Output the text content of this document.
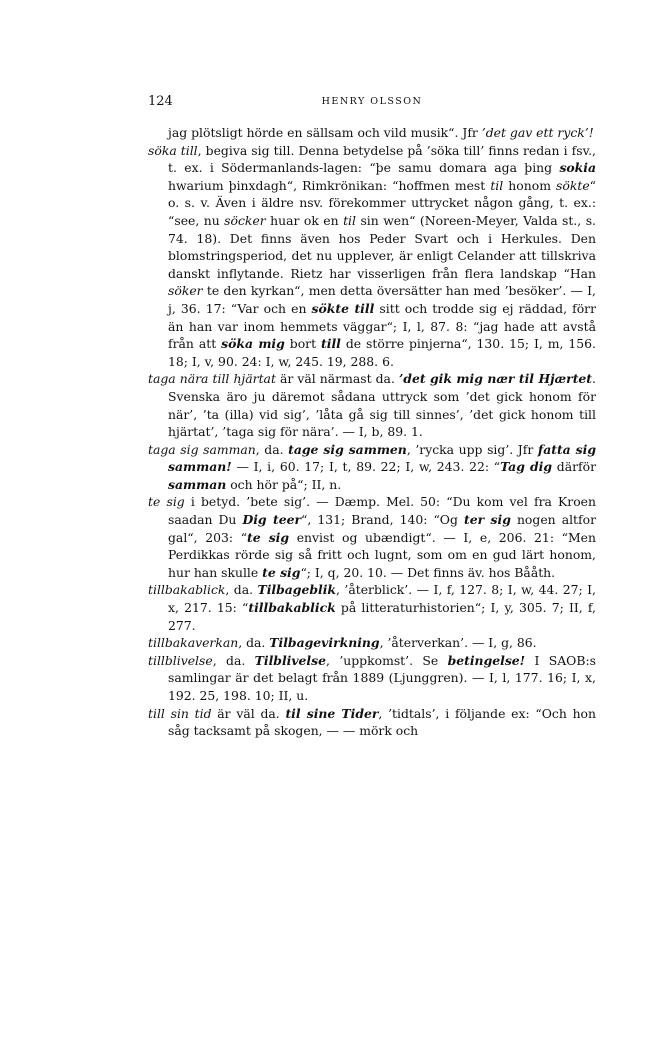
124	HENRY OLSSON

jag plötsligt hörde en sällsam och vild musik“. Jfr ’det gav ett ryck’!

söka till, begiva sig till. Denna betydelse på ’söka till’ finns redan i fsv., t. ex. i Södermanlands-lagen: “þe samu domara aga þing sokia hwarium þinxdagh“, Rimkrönikan: “hoffmen mest til honom sökte“ o. s. v. Även i äldre nsv. förekommer uttrycket någon gång, t. ex.: “see, nu söcker huar ok en til sin wen“ (Noreen-Meyer, Valda st., s. 74. 18). Det finns även hos Peder Svart och i Herkules. Den blomstringsperiod, det nu upplever, är enligt Celander att tillskriva danskt inflytande. Rietz har visserligen från flera landskap “Han söker te den kyrkan“, men detta översätter han med ’besöker’. — I, j, 36. 17: “Var och en sökte till sitt och trodde sig ej räddad, förr än han var inom hemmets väggar“; I, l, 87. 8: “jag hade att avstå från att söka mig bort till de större pinjerna“, 130. 15; I, m, 156. 18; I, v, 90. 24: I, w, 245. 19, 288. 6.

taga nära till hjärtat är väl närmast da. ’det gik mig nær til Hjærtet. Svenska äro ju däremot sådana uttryck som ’det gick honom för när’, ’ta (illa) vid sig’, ’låta gå sig till sinnes’, ’det gick honom till hjärtat’, ’taga sig för nära’. — I, b, 89. 1.

taga sig samman, da. tage sig sammen, ’rycka upp sig’. Jfr fatta sig samman! — I, i, 60. 17; I, t, 89. 22; I, w, 243. 22: “Tag dig därför samman och hör på“; II, n.

te sig i betyd. ’bete sig’. — Dæmp. Mel. 50: “Du kom vel fra Kroen saadan Du Dig teer“, 131; Brand, 140: “Og ter sig nogen altfor gal“, 203: “te sig envist og ubændigt“. — I, e, 206. 21: “Men Perdikkas rörde sig så fritt och lugnt, som om en gud lärt honom, hur han skulle te sig“; I, q, 20. 10. — Det finns äv. hos Bååth.

tillbakablick, da. Tilbageblik, ’återblick’. — I, f, 127. 8; I, w, 44. 27; I, x, 217. 15: “tillbakablick på litteraturhistorien“; I, y, 305. 7; II, f, 277.

tillbakaverkan, da. Tilbagevirkning, ’återverkan’. — I, g, 86.

tillblivelse, da. Tilblivelse, ’uppkomst’. Se betingelse! I SAOB:s samlingar är det belagt från 1889 (Ljunggren). — I, l, 177. 16; I, x, 192. 25, 198. 10; II, u.

till sin tid är väl da. til sine Tider, ’tidtals’, i följande ex: “Och hon såg tacksamt på skogen, — — mörk och
